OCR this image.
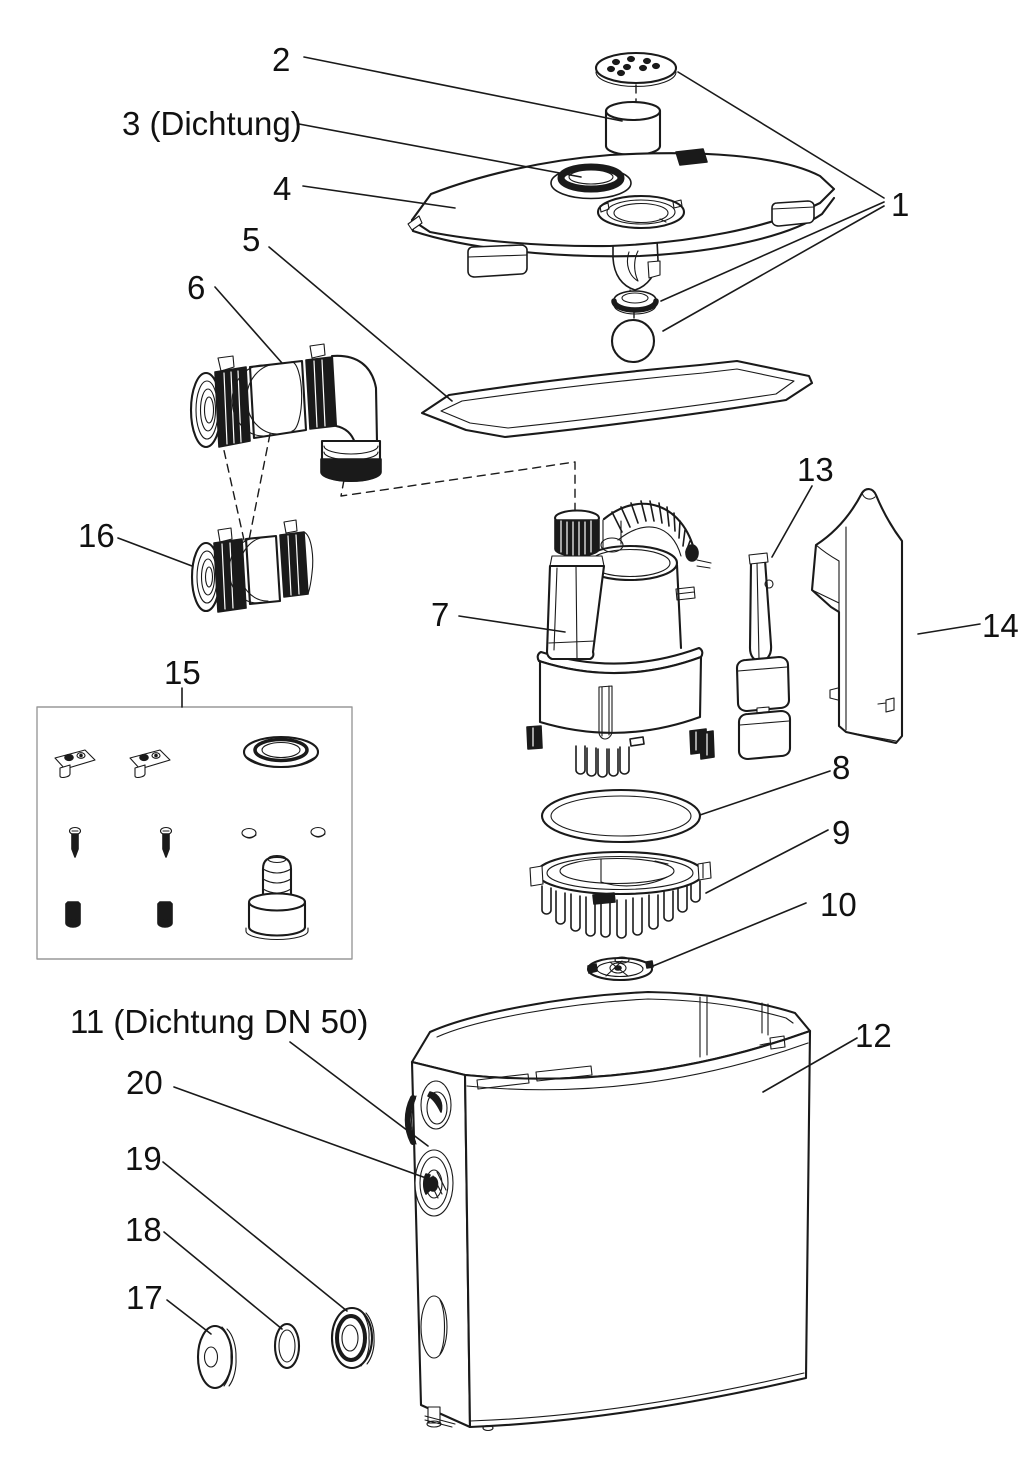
1
2
3 (Dichtung)
4
5
6
7
8
9
10
11 (Dichtung DN 50)	12
13
14
15
16
17
18
19
20
